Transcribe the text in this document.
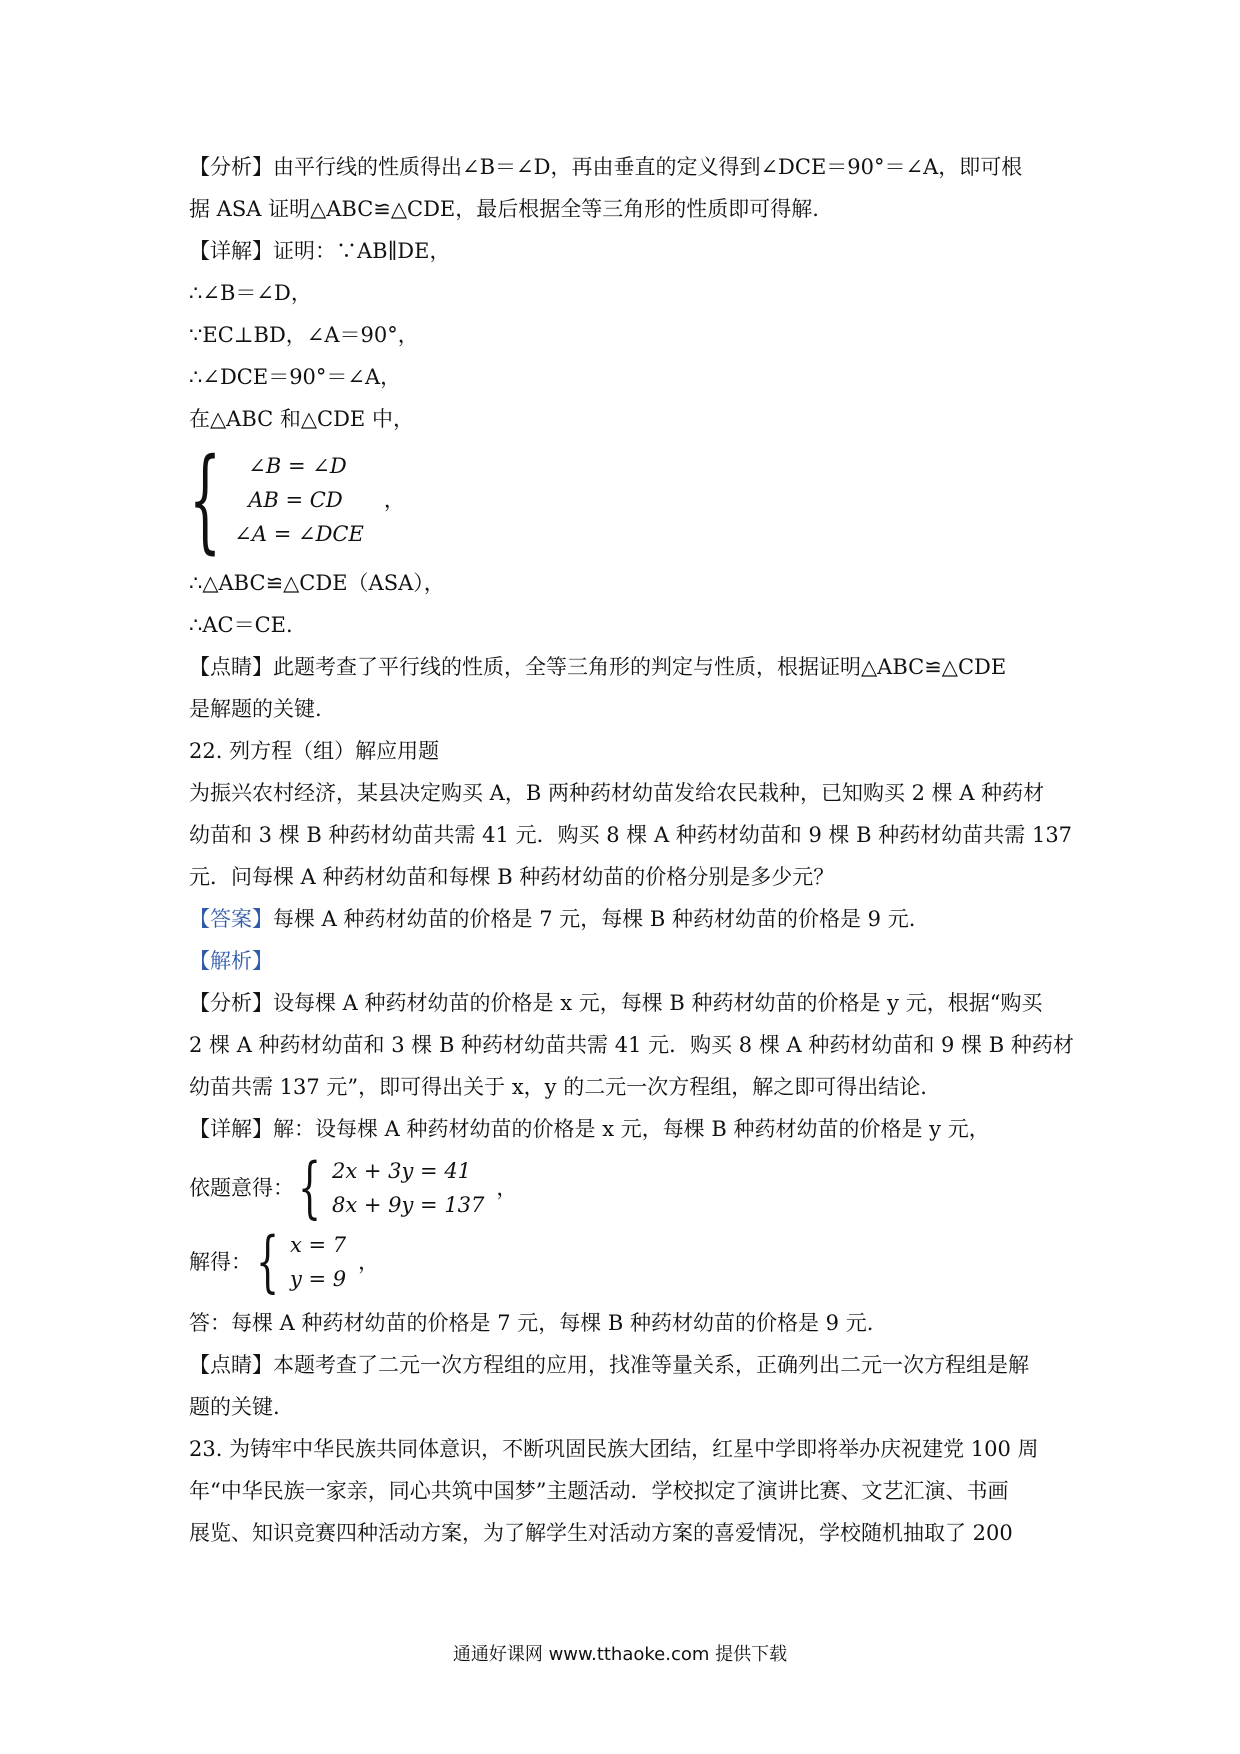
【分析】由平行线的性质得出∠B＝∠D，再由垂直的定义得到∠DCE＝90°＝∠A，即可根
据 ASA 证明△ABC≌△CDE，最后根据全等三角形的性质即可得解.
【详解】证明：∵AB∥DE，
∴∠B＝∠D，
∵EC⊥BD，∠A＝90°，
∴∠DCE＝90°＝∠A，
在△ABC 和△CDE 中，
{	∠B = ∠D
AB = CD
∠A = ∠DCE
，
∴△ABC≌△CDE（ASA），
∴AC＝CE.
【点睛】此题考查了平行线的性质，全等三角形的判定与性质，根据证明△ABC≌△CDE
是解题的关键.
22. 列方程（组）解应用题
为振兴农村经济，某县决定购买 A，B 两种药材幼苗发给农民栽种，已知购买 2 棵 A 种药材
幼苗和 3 棵 B 种药材幼苗共需 41 元．购买 8 棵 A 种药材幼苗和 9 棵 B 种药材幼苗共需 137
元．问每棵 A 种药材幼苗和每棵 B 种药材幼苗的价格分别是多少元？
【答案】每棵 A 种药材幼苗的价格是 7 元，每棵 B 种药材幼苗的价格是 9 元.
【解析】
【分析】设每棵 A 种药材幼苗的价格是 x 元，每棵 B 种药材幼苗的价格是 y 元，根据“购买
2 棵 A 种药材幼苗和 3 棵 B 种药材幼苗共需 41 元．购买 8 棵 A 种药材幼苗和 9 棵 B 种药材
幼苗共需 137 元”，即可得出关于 x，y 的二元一次方程组，解之即可得出结论.
【详解】解：设每棵 A 种药材幼苗的价格是 x 元，每棵 B 种药材幼苗的价格是 y 元，
依题意得： { 2x + 3y = 41
8x + 9y = 137
，
解得： { x = 7
y = 9
，
答：每棵 A 种药材幼苗的价格是 7 元，每棵 B 种药材幼苗的价格是 9 元.
【点睛】本题考查了二元一次方程组的应用，找准等量关系，正确列出二元一次方程组是解
题的关键.
23. 为铸牢中华民族共同体意识，不断巩固民族大团结，红星中学即将举办庆祝建党 100 周
年“中华民族一家亲，同心共筑中国梦”主题活动．学校拟定了演讲比赛、文艺汇演、书画
展览、知识竞赛四种活动方案，为了解学生对活动方案的喜爱情况，学校随机抽取了 200
通通好课网 www.tthaoke.com 提供下载
